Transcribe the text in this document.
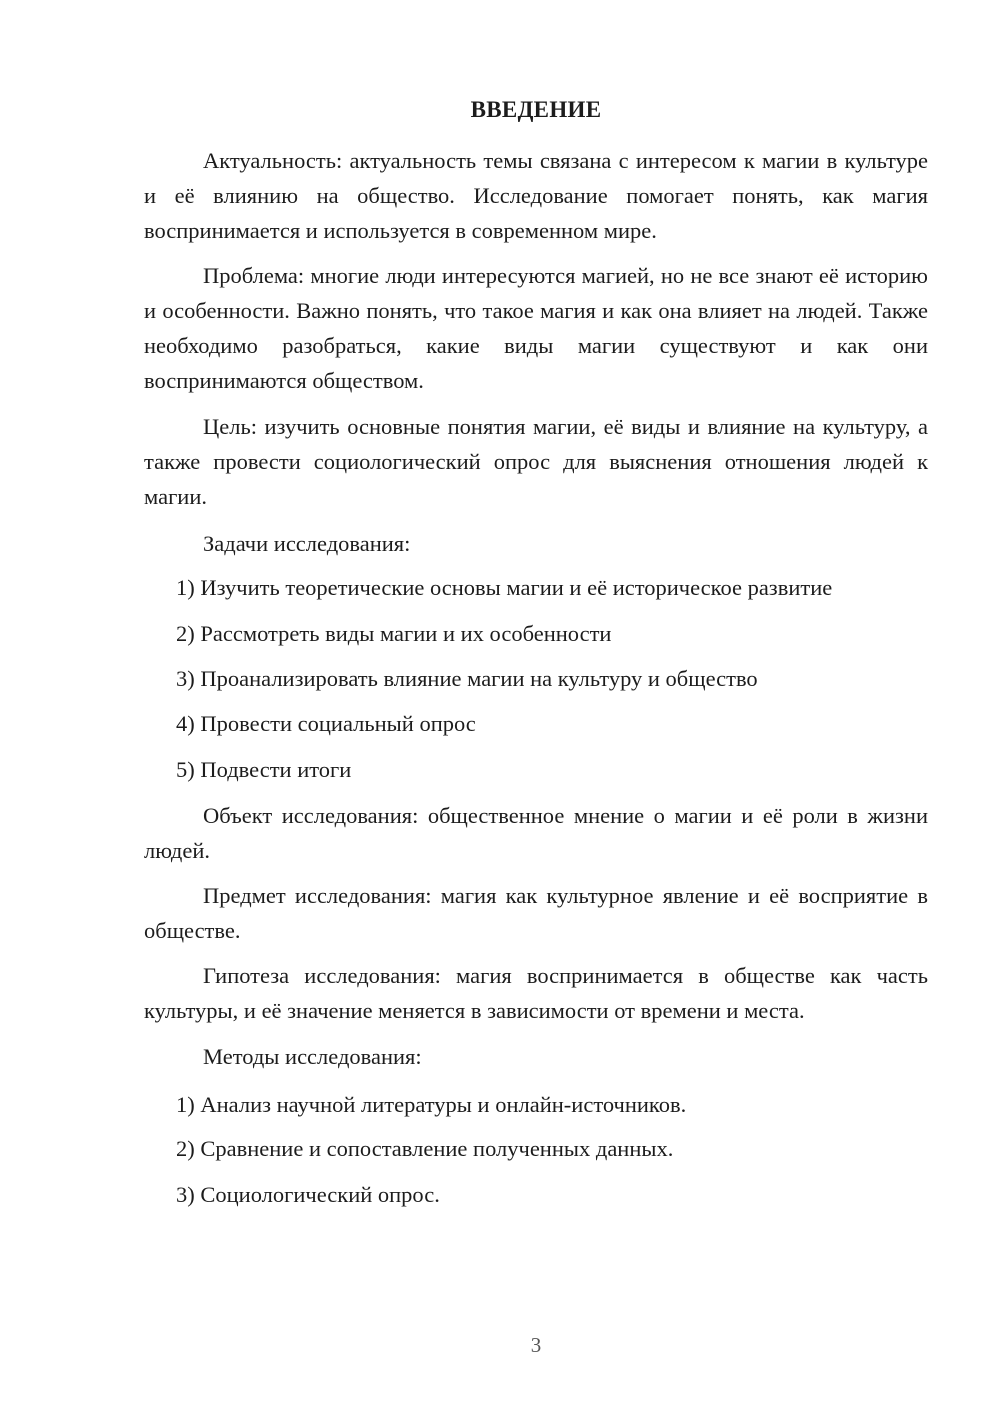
ВВЕДЕНИЕ

Актуальность: актуальность темы связана с интересом к магии в культуре и её влиянию на общество. Исследование помогает понять, как магия воспринимается и используется в современном мире.

Проблема: многие люди интересуются магией, но не все знают её историю и особенности. Важно понять, что такое магия и как она влияет на людей. Также необходимо разобраться, какие виды магии существуют и как они воспринимаются обществом.

Цель: изучить основные понятия магии, её виды и влияние на культуру, а также провести социологический опрос для выяснения отношения людей к магии.

Задачи исследования:

1) Изучить теоретические основы магии и её историческое развитие

2) Рассмотреть виды магии и их особенности

3) Проанализировать влияние магии на культуру и общество

4) Провести социальный опрос

5) Подвести итоги

Объект исследования: общественное мнение о магии и её роли в жизни людей.

Предмет исследования: магия как культурное явление и её восприятие в обществе.

Гипотеза исследования: магия воспринимается в обществе как часть культуры, и её значение меняется в зависимости от времени и места.

Методы исследования:

1) Анализ научной литературы и онлайн-источников.

2) Сравнение и сопоставление полученных данных.

3) Социологический опрос.

3
